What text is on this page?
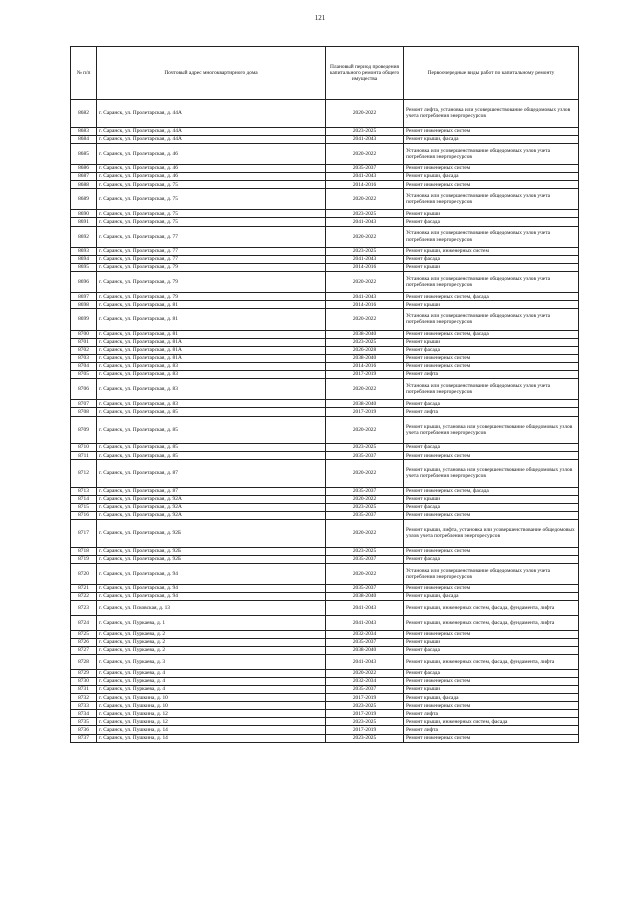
121
№ п/п	Почтовый адрес многоквартирного дома	Плановый период проведения капитального ремонта общего имущества	Первоочередные виды работ по капитальному ремонту
8682	г. Саранск, ул. Пролетарская, д. 44А	2020-2022	Ремонт лифта, установка или усовершенствование общедомовых узлов учета потребления энергоресурсов
8683	г. Саранск, ул. Пролетарская, д. 44А	2023-2025	Ремонт инженерных систем
8684	г. Саранск, ул. Пролетарская, д. 44А	2041-2043	Ремонт крыши, фасада
8685	г. Саранск, ул. Пролетарская, д. 46	2020-2022	Установка или усовершенствование общедомовых узлов учета потребления энергоресурсов
8686	г. Саранск, ул. Пролетарская, д. 46	2035-2037	Ремонт инженерных систем
8687	г. Саранск, ул. Пролетарская, д. 46	2041-2043	Ремонт крыши, фасада
8688	г. Саранск, ул. Пролетарская, д. 75	2014-2016	Ремонт инженерных систем
8689	г. Саранск, ул. Пролетарская, д. 75	2020-2022	Установка или усовершенствование общедомовых узлов учета потребления энергоресурсов
8690	г. Саранск, ул. Пролетарская, д. 75	2023-2025	Ремонт крыши
8691	г. Саранск, ул. Пролетарская, д. 75	2041-2043	Ремонт фасада
8692	г. Саранск, ул. Пролетарская, д. 77	2020-2022	Установка или усовершенствование общедомовых узлов учета потребления энергоресурсов
8693	г. Саранск, ул. Пролетарская, д. 77	2023-2025	Ремонт крыши, инженерных систем
8694	г. Саранск, ул. Пролетарская, д. 77	2041-2043	Ремонт фасада
8695	г. Саранск, ул. Пролетарская, д. 79	2014-2016	Ремонт крыши
8696	г. Саранск, ул. Пролетарская, д. 79	2020-2022	Установка или усовершенствование общедомовых узлов учета потребления энергоресурсов
8697	г. Саранск, ул. Пролетарская, д. 79	2041-2043	Ремонт инженерных систем, фасада
8698	г. Саранск, ул. Пролетарская, д. 81	2014-2016	Ремонт крыши
8699	г. Саранск, ул. Пролетарская, д. 81	2020-2022	Установка или усовершенствование общедомовых узлов учета потребления энергоресурсов
8700	г. Саранск, ул. Пролетарская, д. 81	2038-2040	Ремонт инженерных систем, фасада
8701	г. Саранск, ул. Пролетарская, д. 81А	2023-2025	Ремонт крыши
8702	г. Саранск, ул. Пролетарская, д. 81А	2026-2028	Ремонт фасада
8703	г. Саранск, ул. Пролетарская, д. 81А	2038-2040	Ремонт инженерных систем
8704	г. Саранск, ул. Пролетарская, д. 83	2014-2016	Ремонт инженерных систем
8705	г. Саранск, ул. Пролетарская, д. 83	2017-2019	Ремонт лифта
8706	г. Саранск, ул. Пролетарская, д. 83	2020-2022	Установка или усовершенствование общедомовых узлов учета потребления энергоресурсов
8707	г. Саранск, ул. Пролетарская, д. 83	2038-2040	Ремонт фасада
8708	г. Саранск, ул. Пролетарская, д. 85	2017-2019	Ремонт лифта
8709	г. Саранск, ул. Пролетарская, д. 85	2020-2022	Ремонт крыши, установка или усовершенствование общедомовых узлов учета потребления энергоресурсов
8710	г. Саранск, ул. Пролетарская, д. 85	2023-2025	Ремонт фасада
8711	г. Саранск, ул. Пролетарская, д. 85	2035-2037	Ремонт инженерных систем
8712	г. Саранск, ул. Пролетарская, д. 87	2020-2022	Ремонт крыши, установка или усовершенствование общедомовых узлов учета потребления энергоресурсов
8713	г. Саранск, ул. Пролетарская, д. 87	2035-2037	Ремонт инженерных систем, фасада
8714	г. Саранск, ул. Пролетарская, д. 92А	2020-2022	Ремонт крыши
8715	г. Саранск, ул. Пролетарская, д. 92А	2023-2025	Ремонт фасада
8716	г. Саранск, ул. Пролетарская, д. 92А	2035-2037	Ремонт инженерных систем
8717	г. Саранск, ул. Пролетарская, д. 92Б	2020-2022	Ремонт крыши, лифта, установка или усовершенствование общедомовых узлов учета потребления энергоресурсов
8718	г. Саранск, ул. Пролетарская, д. 92Б	2023-2025	Ремонт инженерных систем
8719	г. Саранск, ул. Пролетарская, д. 92Б	2035-2037	Ремонт фасада
8720	г. Саранск, ул. Пролетарская, д. 94	2020-2022	Установка или усовершенствование общедомовых узлов учета потребления энергоресурсов
8721	г. Саранск, ул. Пролетарская, д. 94	2035-2037	Ремонт инженерных систем
8722	г. Саранск, ул. Пролетарская, д. 94	2038-2040	Ремонт крыши, фасада
8723	г. Саранск, ул. Псковская, д. 13	2041-2043	Ремонт крыши, инженерных систем, фасада, фундамента, лифта
8724	г. Саранск, ул. Пуркаева, д. 1	2041-2043	Ремонт крыши, инженерных систем, фасада, фундамента, лифта
8725	г. Саранск, ул. Пуркаева, д. 2	2032-2034	Ремонт инженерных систем
8726	г. Саранск, ул. Пуркаева, д. 2	2035-2037	Ремонт крыши
8727	г. Саранск, ул. Пуркаева, д. 2	2038-2040	Ремонт фасада
8728	г. Саранск, ул. Пуркаева, д. 3	2041-2043	Ремонт крыши, инженерных систем, фасада, фундамента, лифта
8729	г. Саранск, ул. Пуркаева, д. 4	2020-2022	Ремонт фасада
8730	г. Саранск, ул. Пуркаева, д. 4	2032-2034	Ремонт инженерных систем
8731	г. Саранск, ул. Пуркаева, д. 4	2035-2037	Ремонт крыши
8732	г. Саранск, ул. Пушкина, д. 10	2017-2019	Ремонт крыши, фасада
8733	г. Саранск, ул. Пушкина, д. 10	2023-2025	Ремонт инженерных систем
8734	г. Саранск, ул. Пушкина, д. 12	2017-2019	Ремонт лифта
8735	г. Саранск, ул. Пушкина, д. 12	2023-2025	Ремонт крыши, инженерных систем, фасада
8736	г. Саранск, ул. Пушкина, д. 14	2017-2019	Ремонт лифта
8737	г. Саранск, ул. Пушкина, д. 14	2023-2025	Ремонт инженерных систем
